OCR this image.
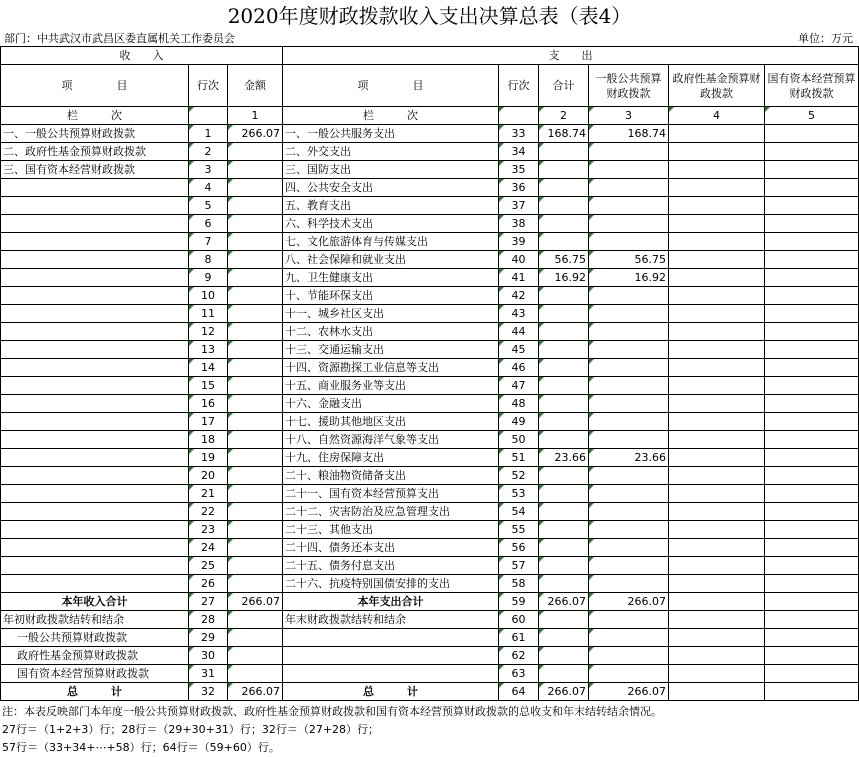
2020年度财政拨款收入支出决算总表（表4）
部门：中共武汉市武昌区委直属机关工作委员会	单位：万元
收　　入			支　　出					
项　　　　目	行次	金额	项　　　　目	行次	合计	一般公共预算财政拨款	政府性基金预算财政拨款	国有资本经营预算财政拨款
栏　　　次		1	栏　　　次		2	3	4	5
一、一般公共预算财政拨款	1	266.07	一、一般公共服务支出	33	168.74	168.74		
二、政府性基金预算财政拨款	2		二、外交支出	34				
三、国有资本经营财政拨款	3		三、国防支出	35				
	4		四、公共安全支出	36				
	5		五、教育支出	37				
	6		六、科学技术支出	38				
	7		七、文化旅游体育与传媒支出	39				
	8		八、社会保障和就业支出	40	56.75	56.75		
	9		九、卫生健康支出	41	16.92	16.92		
	10		十、节能环保支出	42				
	11		十一、城乡社区支出	43				
	12		十二、农林水支出	44				
	13		十三、交通运输支出	45				
	14		十四、资源勘探工业信息等支出	46				
	15		十五、商业服务业等支出	47				
	16		十六、金融支出	48				
	17		十七、援助其他地区支出	49				
	18		十八、自然资源海洋气象等支出	50				
	19		十九、住房保障支出	51	23.66	23.66		
	20		二十、粮油物资储备支出	52				
	21		二十一、国有资本经营预算支出	53				
	22		二十二、灾害防治及应急管理支出	54				
	23		二十三、其他支出	55				
	24		二十四、债务还本支出	56				
	25		二十五、债务付息支出	57				
	26		二十六、抗疫特别国债安排的支出	58				
本年收入合计	27	266.07	本年支出合计	59	266.07	266.07		
年初财政拨款结转和结余	28		年末财政拨款结转和结余	60				
一般公共预算财政拨款	29			61				
政府性基金预算财政拨款	30			62				
国有资本经营预算财政拨款	31			63				
总　　　计	32	266.07	总　　　计	64	266.07	266.07		
注：本表反映部门本年度一般公共预算财政拨款、政府性基金预算财政拨款和国有资本经营预算财政拨款的总收支和年末结转结余情况。
27行＝（1+2+3）行；28行＝（29+30+31）行；32行＝（27+28）行；
57行＝（33+34+⋯+58）行；64行＝（59+60）行。
